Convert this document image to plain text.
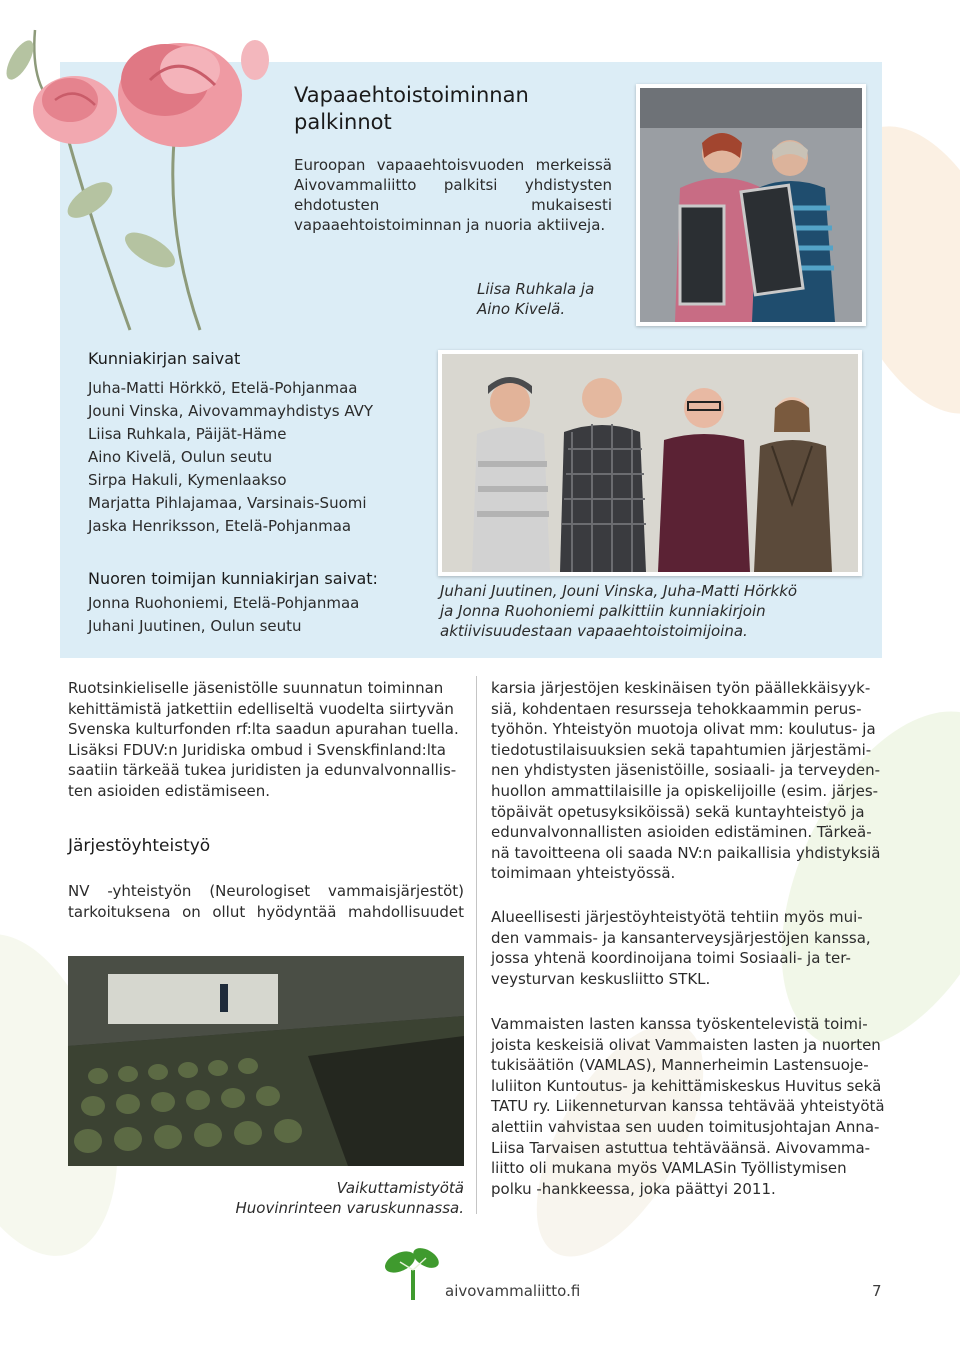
Vapaaehtoistoiminnan palkinnot

Euroopan vapaaehtoisvuoden merkeissä Aivovammaliitto palkitsi yhdistysten ehdotusten mukaisesti vapaaehtoistoiminnan ja nuoria aktiiveja.

Liisa Ruhkala ja
Aino Kivelä.
Kunniakirjan saivat
Juha-Matti Hörkkö, Etelä-Pohjanmaa
Jouni Vinska, Aivovammayhdistys AVY
Liisa Ruhkala, Päijät-Häme
Aino Kivelä, Oulun seutu
Sirpa Hakuli, Kymenlaakso
Marjatta Pihlajamaa, Varsinais-Suomi
Jaska Henriksson, Etelä-Pohjanmaa
Nuoren toimijan kunniakirjan saivat:
Jonna Ruohoniemi, Etelä-Pohjanmaa
Juhani Juutinen, Oulun seutu
Juhani Juutinen, Jouni Vinska, Juha-Matti Hörkkö
ja Jonna Ruohoniemi palkittiin kunniakirjoin
aktiivisuudestaan vapaaehtoistoimijoina.

Ruotsinkieliselle jäsenistölle suunnatun toiminnan

kehittämistä jatkettiin edelliseltä vuodelta siirtyvän

Svenska kulturfonden rf:lta saadun apurahan tuella.

Lisäksi FDUV:n Juridiska ombud i Svenskfinland:lta

saatiin tärkeää tukea juridisten ja edunvalvonnallis-

ten asioiden edistämiseen.

Järjestöyhteistyö

NV -yhteistyön (Neurologiset vammaisjärjestöt)

tarkoituksena on ollut hyödyntää mahdollisuudet

Vaikuttamistyötä
Huovinrinteen varuskunnassa.

karsia järjestöjen keskinäisen työn päällekkäisyyk-

siä, kohdentaen resursseja tehokkaammin perus-

työhön. Yhteistyön muotoja olivat mm: koulutus- ja

tiedotustilaisuuksien sekä tapahtumien järjestämi-

nen yhdistysten jäsenistöille, sosiaali- ja terveyden-

huollon ammattilaisille ja opiskelijoille (esim. järjes-

töpäivät opetusyksiköissä) sekä kuntayhteistyö ja

edunvalvonnallisten asioiden edistäminen. Tärkeä-

nä tavoitteena oli saada NV:n paikallisia yhdistyksiä

toimimaan yhteistyössä.

Alueellisesti järjestöyhteistyötä tehtiin myös mui-

den vammais- ja kansanterveysjärjestöjen kanssa,

jossa yhtenä koordinoijana toimi Sosiaali- ja ter-

veysturvan keskusliitto STKL.

Vammaisten lasten kanssa työskentelevistä toimi-

joista keskeisiä olivat Vammaisten lasten ja nuorten

tukisäätiön (VAMLAS), Mannerheimin Lastensuoje-

luliiton Kuntoutus- ja kehittämiskeskus Huvitus sekä

TATU ry. Liikenneturvan kanssa tehtävää yhteistyötä

alettiin vahvistaa sen uuden toimitusjohtajan Anna-

Liisa Tarvaisen astuttua tehtäväänsä. Aivovamma-

liitto oli mukana myös VAMLASin Työllistymisen

polku -hankkeessa, joka päättyi 2011.

aivovammaliitto.fi	7
